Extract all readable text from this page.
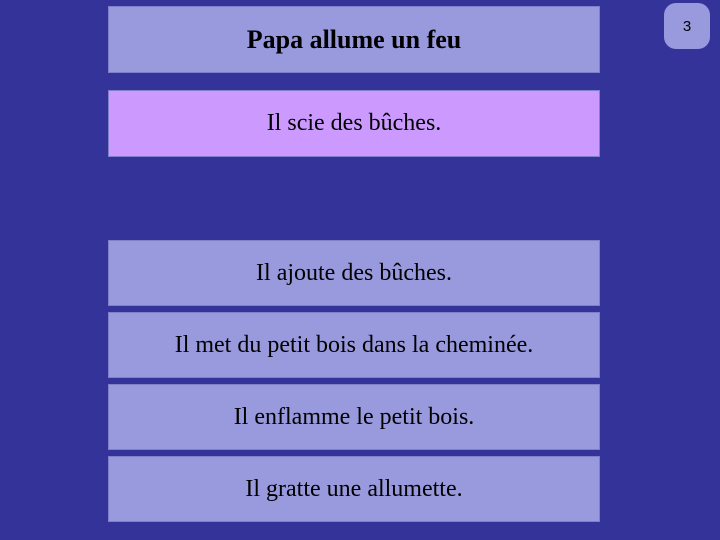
Papa allume un feu
Il scie des bûches.
Il ajoute des bûches.
Il met du petit bois dans la cheminée.
Il enflamme le petit bois.
Il gratte une allumette.
3
